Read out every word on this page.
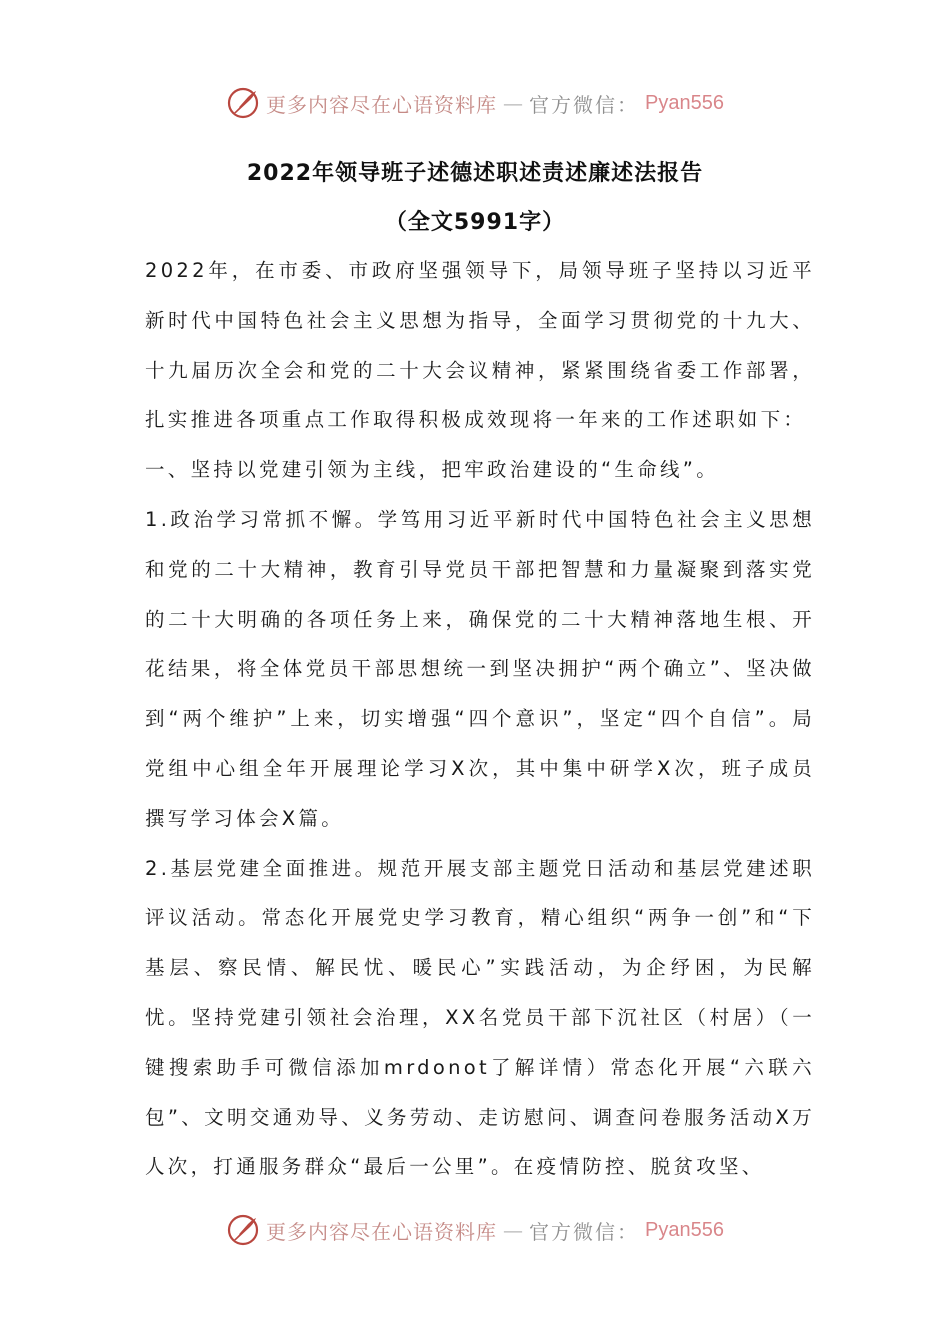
更多内容尽在心语资料库 — 官方微信： Pyan556
2022年领导班子述德述职述责述廉述法报告
（全文5991字）

2022年，在市委、市政府坚强领导下，局领导班子坚持以习近平新时代中国特色社会主义思想为指导，全面学习贯彻党的十九大、十九届历次全会和党的二十大会议精神，紧紧围绕省委工作部署，扎实推进各项重点工作取得积极成效现将一年来的工作述职如下：

一、坚持以党建引领为主线，把牢政治建设的“生命线”。

1.政治学习常抓不懈。学笃用习近平新时代中国特色社会主义思想和党的二十大精神，教育引导党员干部把智慧和力量凝聚到落实党的二十大明确的各项任务上来，确保党的二十大精神落地生根、开花结果，将全体党员干部思想统一到坚决拥护“两个确立”、坚决做到“两个维护”上来，切实增强“四个意识”，坚定“四个自信”。局党组中心组全年开展理论学习X次，其中集中研学X次，班子成员撰写学习体会X篇。

2.基层党建全面推进。规范开展支部主题党日活动和基层党建述职评议活动。常态化开展党史学习教育，精心组织“两争一创”和“下基层、察民情、解民忧、暖民心”实践活动，为企纾困，为民解忧。坚持党建引领社会治理，XX名党员干部下沉社区（村居）（一键搜索助手可微信添加mrdonot了解详情）常态化开展“六联六包”、文明交通劝导、义务劳动、走访慰问、调查问卷服务活动X万人次，打通服务群众“最后一公里”。在疫情防控、脱贫攻坚、

更多内容尽在心语资料库 — 官方微信： Pyan556
